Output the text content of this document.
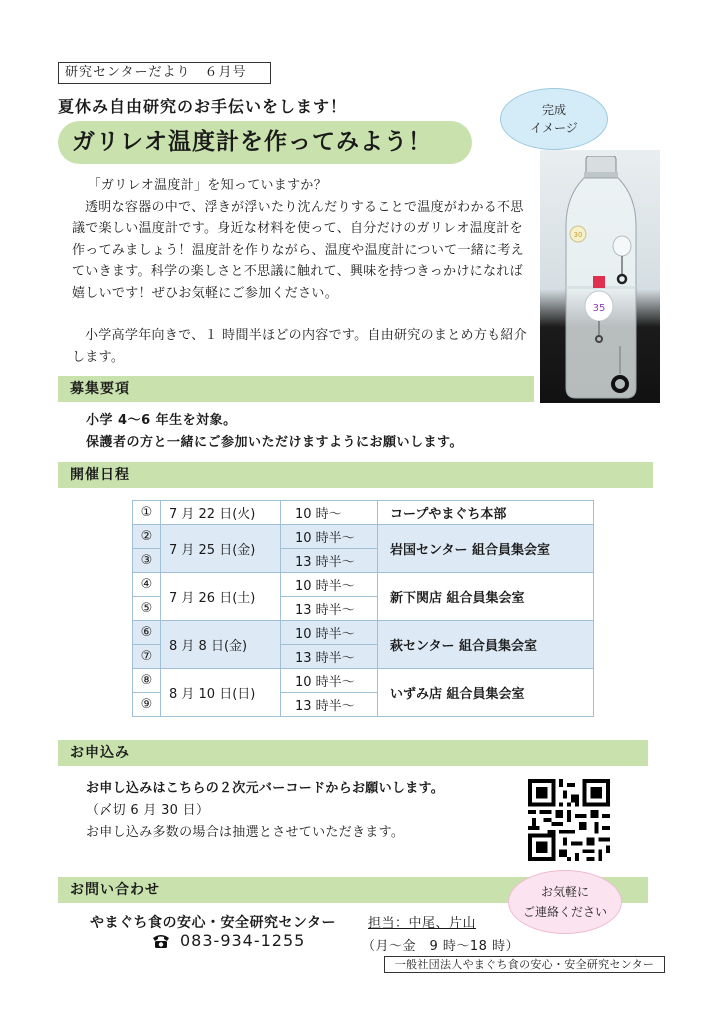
研究センターだより　６月号
夏休み自由研究のお手伝いをします！
ガリレオ温度計を作ってみよう！
完成
イメージ
30
35

「ガリレオ温度計」を知っていますか？

透明な容器の中で、浮きが浮いたり沈んだりすることで温度がわかる不思議で楽しい温度計です。身近な材料を使って、自分だけのガリレオ温度計を作ってみましょう！温度計を作りながら、温度や温度計について一緒に考えていきます。科学の楽しさと不思議に触れて、興味を持つきっかけになれば嬉しいです！ぜひお気軽にご参加ください。

小学高学年向きで、１ 時間半ほどの内容です。自由研究のまとめ方も紹介します。

募集要項
小学 4～6 年生を対象。
保護者の方と一緒にご参加いただけますようにお願いします。
開催日程
①	7 月 22 日(火)	10 時～	コープやまぐち本部
②	7 月 25 日(金)	10 時半～	岩国センター 組合員集会室
③		13 時半～	
④	7 月 26 日(土)	10 時半～	新下関店 組合員集会室
⑤		13 時半～	
⑥	8 月 8 日(金)	10 時半～	萩センター 組合員集会室
⑦		13 時半～	
⑧	8 月 10 日(日)	10 時半～	いずみ店 組合員集会室
⑨		13 時半～	
お申込み
お申し込みはこちらの２次元バーコードからお願いします。
（〆切 6 月 30 日）
お申し込み多数の場合は抽選とさせていただきます。
お問い合わせ	お気軽に
ご連絡ください
やまぐち食の安心・安全研究センター 担当：中尾、片山
083-934-1255	（月～金　9 時～18 時）
一般社団法人やまぐち食の安心・安全研究センター
